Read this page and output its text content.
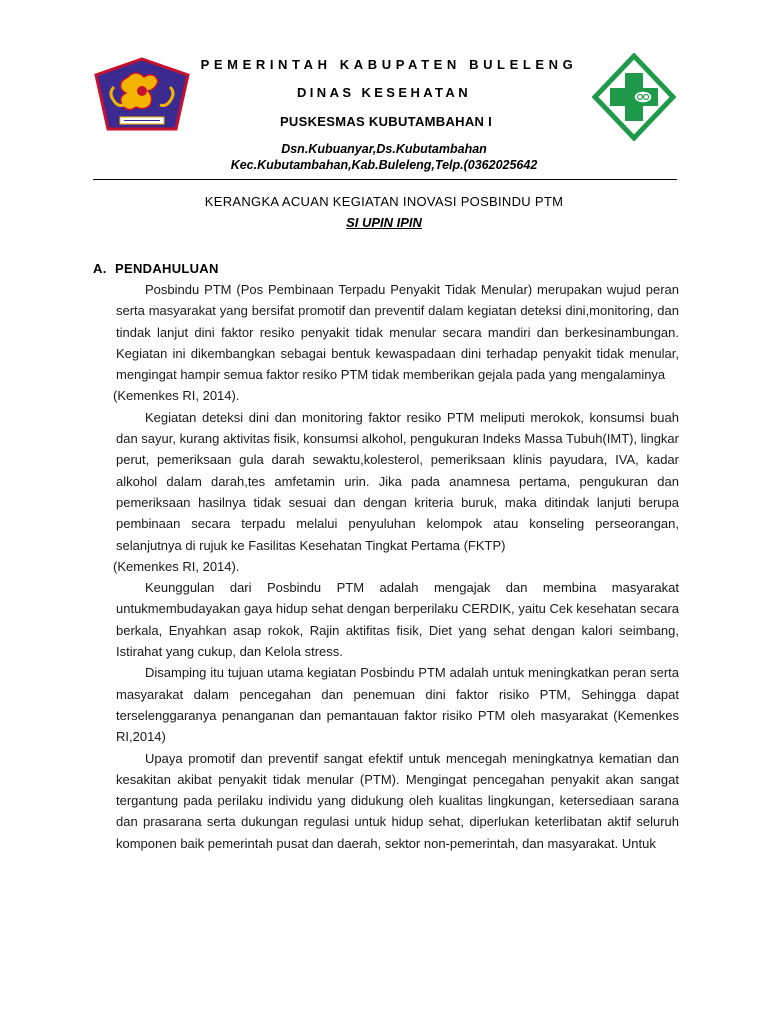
PEMERINTAH KABUPATEN BULELENG

DINAS KESEHATAN

PUSKESMAS KUBUTAMBAHAN I

Dsn.Kubuanyar,Ds.Kubutambahan

Kec.Kubutambahan,Kab.Buleleng,Telp.(0362025642

KERANGKA ACUAN KEGIATAN INOVASI POSBINDU PTM

SI UPIN IPIN

A. PENDAHULUAN

Posbindu PTM (Pos Pembinaan Terpadu Penyakit Tidak Menular) merupakan wujud peran serta masyarakat yang bersifat promotif dan preventif dalam kegiatan deteksi dini,monitoring, dan tindak lanjut dini faktor resiko penyakit tidak menular secara mandiri dan berkesinambungan. Kegiatan ini dikembangkan sebagai bentuk kewaspadaan dini terhadap penyakit tidak menular, mengingat hampir semua faktor resiko PTM tidak memberikan gejala pada yang mengalaminya

(Kemenkes RI, 2014).

Kegiatan deteksi dini dan monitoring faktor resiko PTM meliputi merokok, konsumsi buah dan sayur, kurang aktivitas fisik, konsumsi alkohol, pengukuran Indeks Massa Tubuh(IMT), lingkar perut, pemeriksaan gula darah sewaktu,kolesterol, pemeriksaan klinis payudara, IVA, kadar alkohol dalam darah,tes amfetamin urin. Jika pada anamnesa pertama, pengukuran dan pemeriksaan hasilnya tidak sesuai dan dengan kriteria buruk, maka ditindak lanjuti berupa pembinaan secara terpadu melalui penyuluhan kelompok atau konseling perseorangan, selanjutnya di rujuk ke Fasilitas Kesehatan Tingkat Pertama (FKTP)

(Kemenkes RI, 2014).

Keunggulan dari Posbindu PTM adalah mengajak dan membina masyarakat untukmembudayakan gaya hidup sehat dengan berperilaku CERDIK, yaitu Cek kesehatan secara berkala, Enyahkan asap rokok, Rajin aktifitas fisik, Diet yang sehat dengan kalori seimbang, Istirahat yang cukup, dan Kelola stress.

Disamping itu tujuan utama kegiatan Posbindu PTM adalah untuk meningkatkan peran serta masyarakat dalam pencegahan dan penemuan dini faktor risiko PTM, Sehingga dapat terselenggaranya penanganan dan pemantauan faktor risiko PTM oleh masyarakat (Kemenkes RI,2014)

Upaya promotif dan preventif sangat efektif untuk mencegah meningkatnya kematian dan kesakitan akibat penyakit tidak menular (PTM). Mengingat pencegahan penyakit akan sangat tergantung pada perilaku individu yang didukung oleh kualitas lingkungan, ketersediaan sarana dan prasarana serta dukungan regulasi untuk hidup sehat, diperlukan keterlibatan aktif seluruh komponen baik pemerintah pusat dan daerah, sektor non-pemerintah, dan masyarakat. Untuk
